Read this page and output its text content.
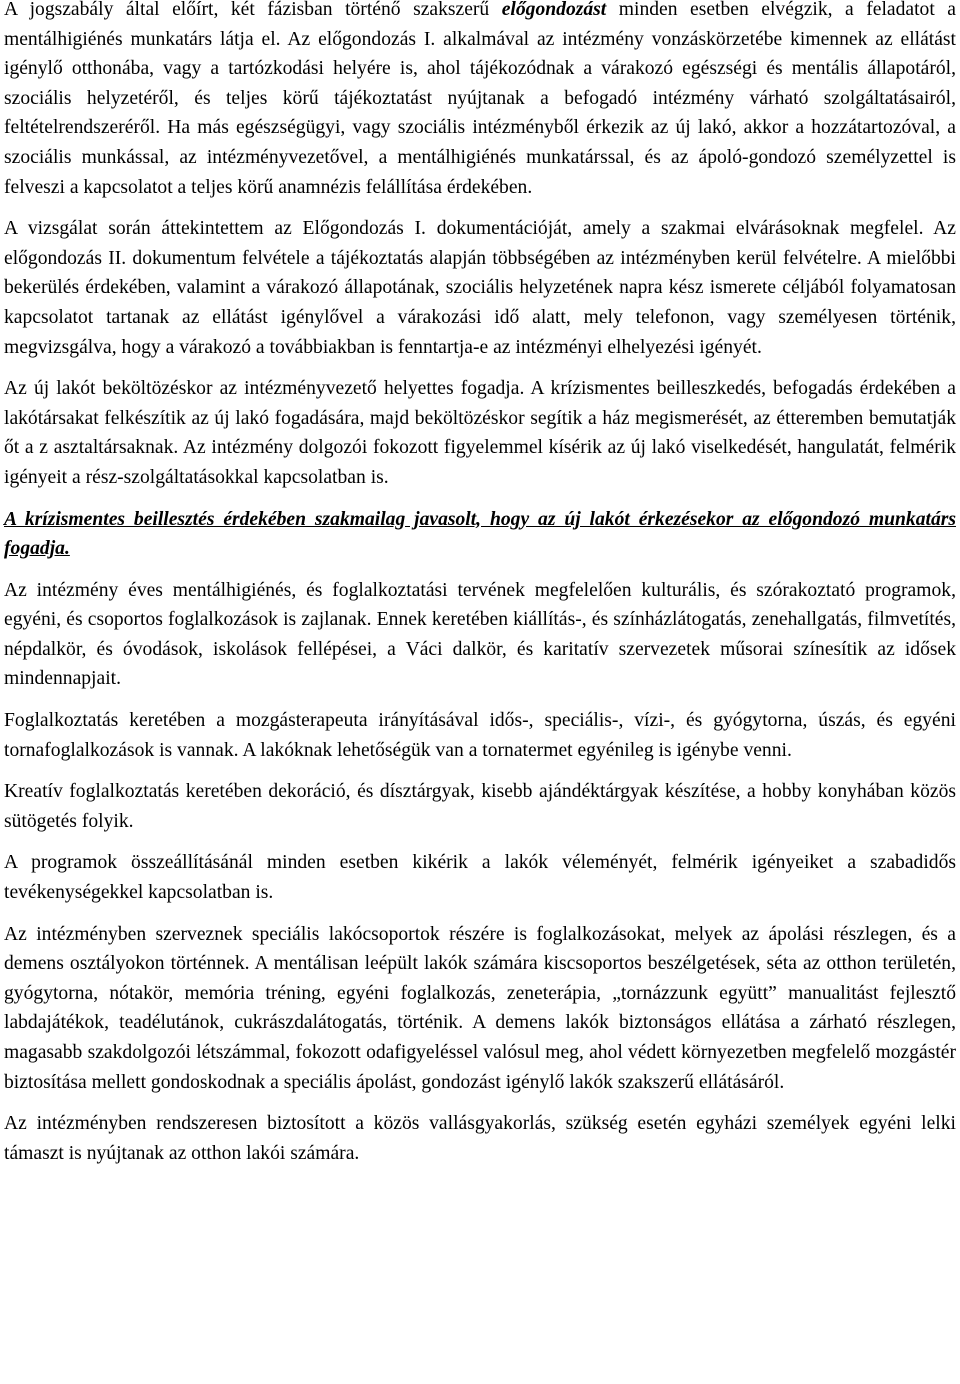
A jogszabály által előírt, két fázisban történő szakszerű előgondozást minden esetben elvégzik, a feladatot a mentálhigiénés munkatárs látja el. Az előgondozás I. alkalmával az intézmény vonzáskörzetébe kimennek az ellátást igénylő otthonába, vagy a tartózkodási helyére is, ahol tájékozódnak a várakozó egészségi és mentális állapotáról, szociális helyzetéről, és teljes körű tájékoztatást nyújtanak a befogadó intézmény várható szolgáltatásairól, feltételrendszeréről. Ha más egészségügyi, vagy szociális intézményből érkezik az új lakó, akkor a hozzátartozóval, a szociális munkással, az intézményvezetővel, a mentálhigiénés munkatárssal, és az ápoló-gondozó személyzettel is felveszi a kapcsolatot a teljes körű anamnézis felállítása érdekében.

A vizsgálat során áttekintettem az Előgondozás I. dokumentációját, amely a szakmai elvárásoknak megfelel. Az előgondozás II. dokumentum felvétele a tájékoztatás alapján többségében az intézményben kerül felvételre. A mielőbbi bekerülés érdekében, valamint a várakozó állapotának, szociális helyzetének napra kész ismerete céljából folyamatosan kapcsolatot tartanak az ellátást igénylővel a várakozási idő alatt, mely telefonon, vagy személyesen történik, megvizsgálva, hogy a várakozó a továbbiakban is fenntartja-e az intézményi elhelyezési igényét.

Az új lakót beköltözéskor az intézményvezető helyettes fogadja. A krízismentes beilleszkedés, befogadás érdekében a lakótársakat felkészítik az új lakó fogadására, majd beköltözéskor segítik a ház megismerését, az étteremben bemutatják őt a z asztaltársaknak. Az intézmény dolgozói fokozott figyelemmel kísérik az új lakó viselkedését, hangulatát, felmérik igényeit a rész-szolgáltatásokkal kapcsolatban is.

A krízismentes beillesztés érdekében szakmailag javasolt, hogy az új lakót érkezésekor az előgondozó munkatárs fogadja.

Az intézmény éves mentálhigiénés, és foglalkoztatási tervének megfelelően kulturális, és szórakoztató programok, egyéni, és csoportos foglalkozások is zajlanak. Ennek keretében kiállítás-, és színházlátogatás, zenehallgatás, filmvetítés, népdalkör, és óvodások, iskolások fellépései, a Váci dalkör, és karitatív szervezetek műsorai színesítik az idősek mindennapjait.

Foglalkoztatás keretében a mozgásterapeuta irányításával idős-, speciális-, vízi-, és gyógytorna, úszás, és egyéni tornafoglalkozások is vannak. A lakóknak lehetőségük van a tornatermet egyénileg is igénybe venni.

Kreatív foglalkoztatás keretében dekoráció, és dísztárgyak, kisebb ajándéktárgyak készítése, a hobby konyhában közös sütögetés folyik.

A programok összeállításánál minden esetben kikérik a lakók véleményét, felmérik igényeiket a szabadidős tevékenységekkel kapcsolatban is.

Az intézményben szerveznek speciális lakócsoportok részére is foglalkozásokat, melyek az ápolási részlegen, és a demens osztályokon történnek. A mentálisan leépült lakók számára kiscsoportos beszélgetések, séta az otthon területén, gyógytorna, nótakör, memória tréning, egyéni foglalkozás, zeneterápia, „tornázzunk együtt” manualitást fejlesztő labdajátékok, teadélutánok, cukrászdalátogatás, történik. A demens lakók biztonságos ellátása a zárható részlegen, magasabb szakdolgozói létszámmal, fokozott odafigyeléssel valósul meg, ahol védett környezetben megfelelő mozgástér biztosítása mellett gondoskodnak a speciális ápolást, gondozást igénylő lakók szakszerű ellátásáról.

Az intézményben rendszeresen biztosított a közös vallásgyakorlás, szükség esetén egyházi személyek egyéni lelki támaszt is nyújtanak az otthon lakói számára.
